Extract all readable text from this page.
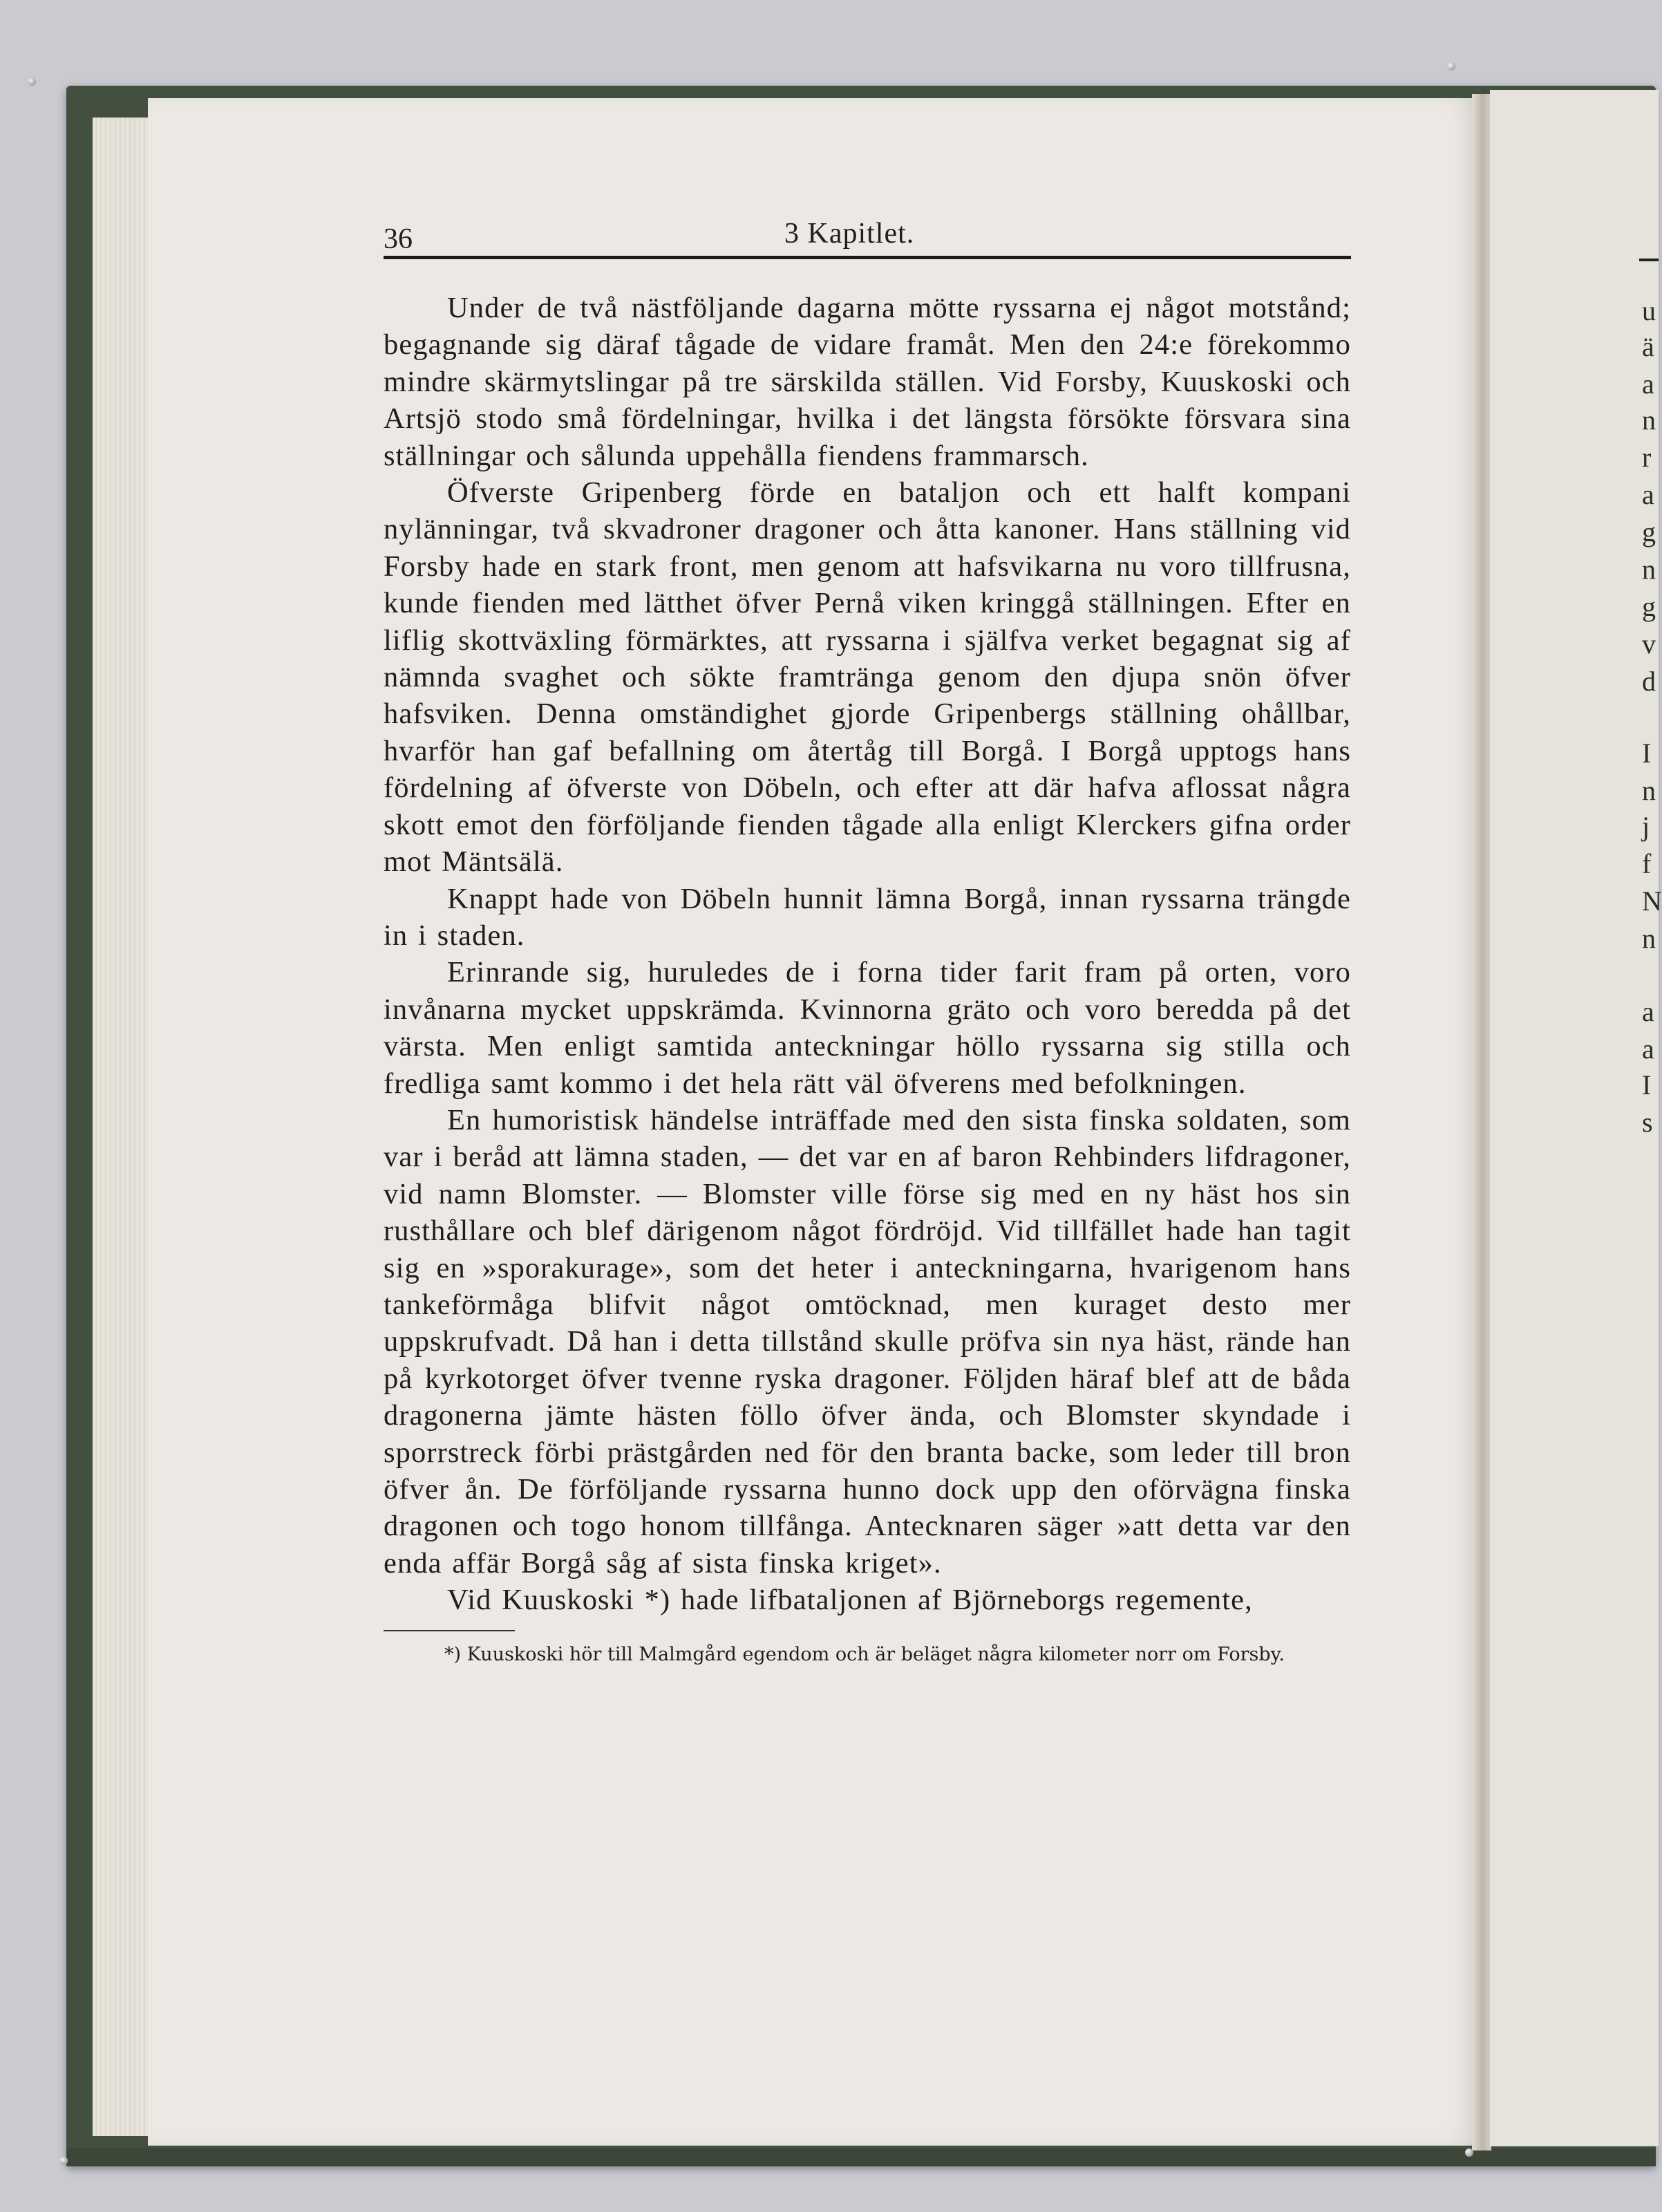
u
ä
a
n
r
a
g
n
g
v
d
I
n
j
f
N
n
a
a
I
s
36	3 Kapitlet.

Under de två nästföljande dagarna mötte ryssarna ej något motstånd; begagnande sig däraf tågade de vidare framåt. Men den 24:e förekommo mindre skärmytslingar på tre särskilda ställen. Vid Forsby, Kuuskoski och Artsjö stodo små fördelningar, hvilka i det längsta försökte försvara sina ställningar och sålunda uppehålla fiendens frammarsch.

Öfverste Gripenberg förde en bataljon och ett halft kompani nylänningar, två skvadroner dragoner och åtta kanoner. Hans ställning vid Forsby hade en stark front, men genom att hafsvikarna nu voro tillfrusna, kunde fienden med lätthet öfver Pernå viken kringgå ställningen. Efter en liflig skottväxling förmärktes, att ryssarna i själfva verket begagnat sig af nämnda svaghet och sökte framtränga genom den djupa snön öfver hafsviken. Denna omständighet gjorde Gripenbergs ställning ohållbar, hvarför han gaf befallning om återtåg till Borgå. I Borgå upptogs hans fördelning af öfverste von Döbeln, och efter att där hafva aflossat några skott emot den förföljande fienden tågade alla enligt Klerckers gifna order mot Mäntsälä.

Knappt hade von Döbeln hunnit lämna Borgå, innan ryssarna trängde in i staden.

Erinrande sig, huruledes de i forna tider farit fram på orten, voro invånarna mycket uppskrämda. Kvinnorna gräto och voro beredda på det värsta. Men enligt samtida anteckningar höllo ryssarna sig stilla och fredliga samt kommo i det hela rätt väl öfverens med befolkningen.

En humoristisk händelse inträffade med den sista finska soldaten, som var i beråd att lämna staden, — det var en af baron Rehbinders lifdragoner, vid namn Blomster. — Blomster ville förse sig med en ny häst hos sin rusthållare och blef därigenom något fördröjd. Vid tillfället hade han tagit sig en »sporakurage», som det heter i anteckningarna, hvarigenom hans tankeförmåga blifvit något omtöcknad, men kuraget desto mer uppskrufvadt. Då han i detta tillstånd skulle pröfva sin nya häst, rände han på kyrkotorget öfver tvenne ryska dragoner. Följden häraf blef att de båda dragonerna jämte hästen föllo öfver ända, och Blomster skyndade i sporrstreck förbi prästgården ned för den branta backe, som leder till bron öfver ån. De förföljande ryssarna hunno dock upp den oförvägna finska dragonen och togo honom tillfånga. Antecknaren säger »att detta var den enda affär Borgå såg af sista finska kriget».

Vid Kuuskoski *) hade lifbataljonen af Björneborgs regemente,

*) Kuuskoski hör till Malmgård egendom och är beläget några kilometer norr om Forsby.
